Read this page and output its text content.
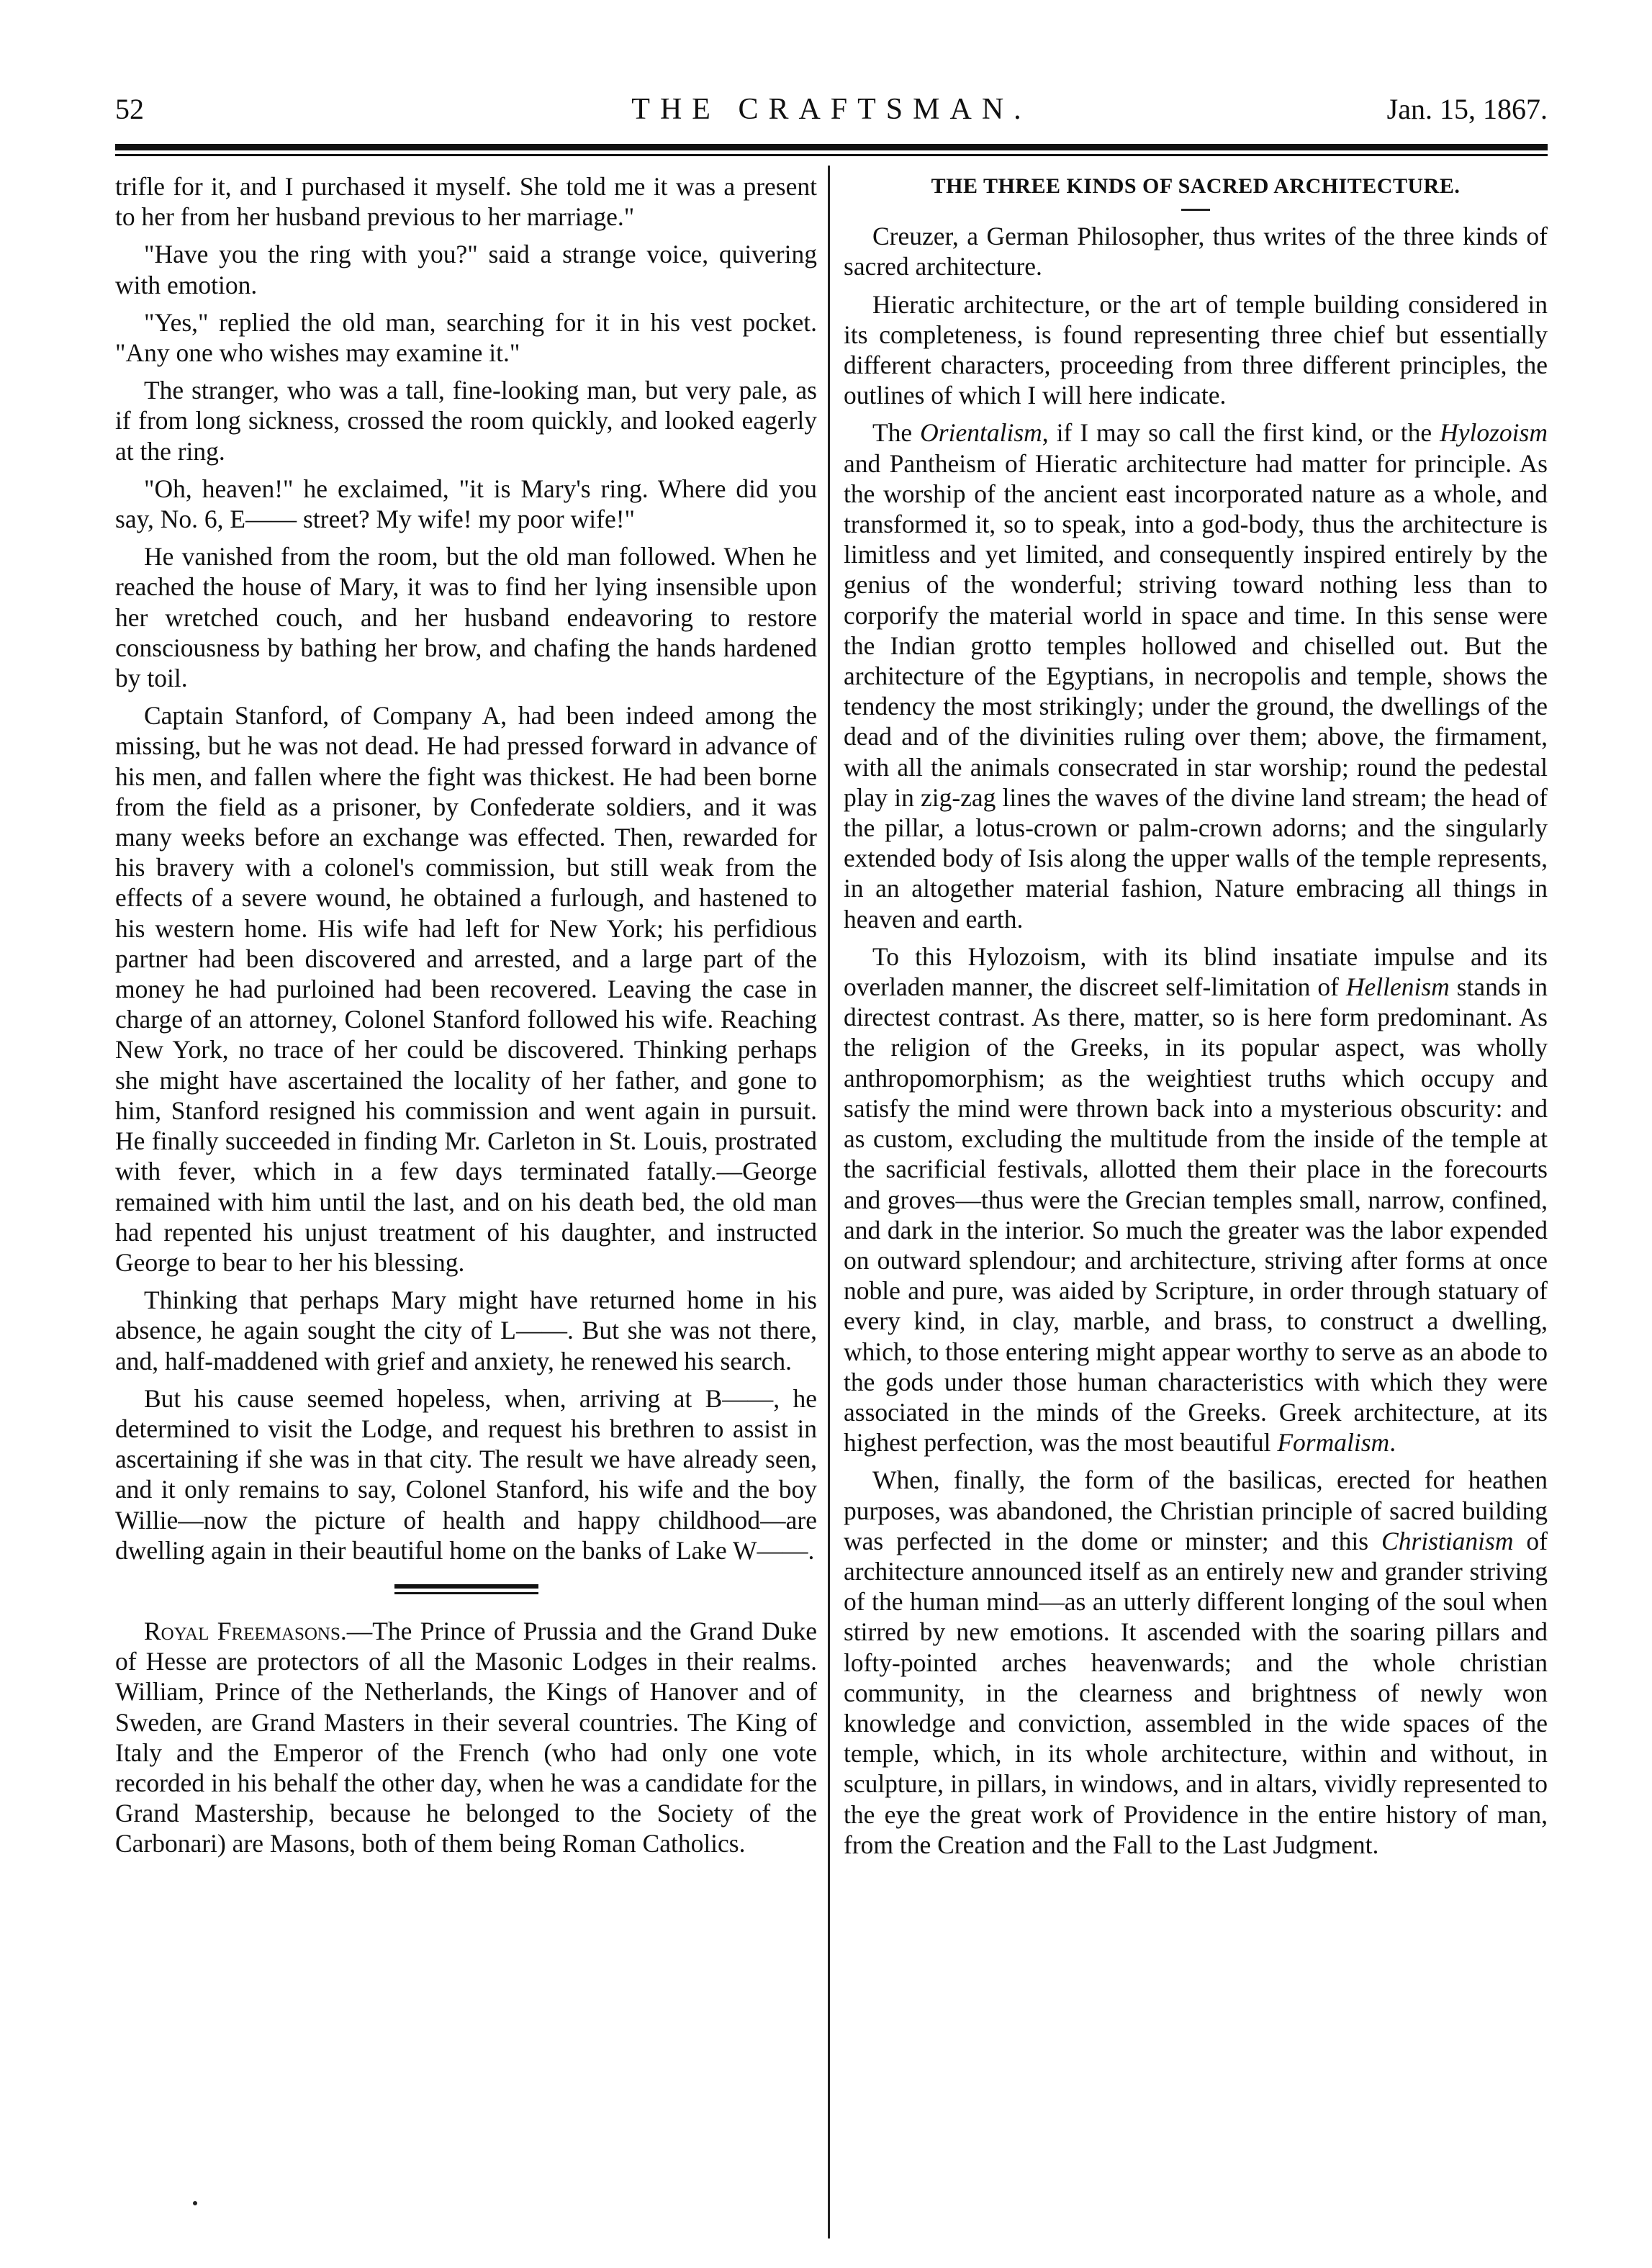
52	THE CRAFTSMAN.	Jan. 15, 1867.

trifle for it, and I purchased it myself. She told me it was a present to her from her husband previous to her marriage."

"Have you the ring with you?" said a strange voice, quivering with emotion.

"Yes," replied the old man, searching for it in his vest pocket. "Any one who wishes may examine it."

The stranger, who was a tall, fine-looking man, but very pale, as if from long sickness, crossed the room quickly, and looked eagerly at the ring.

"Oh, heaven!" he exclaimed, "it is Mary's ring. Where did you say, No. 6, E—— street? My wife! my poor wife!"

He vanished from the room, but the old man followed. When he reached the house of Mary, it was to find her lying insensible upon her wretched couch, and her husband endeavoring to restore consciousness by bathing her brow, and chafing the hands hardened by toil.

Captain Stanford, of Company A, had been indeed among the missing, but he was not dead. He had pressed forward in advance of his men, and fallen where the fight was thickest. He had been borne from the field as a prisoner, by Confederate soldiers, and it was many weeks before an exchange was effected. Then, rewarded for his bravery with a colonel's commission, but still weak from the effects of a severe wound, he obtained a furlough, and hastened to his western home. His wife had left for New York; his perfidious partner had been discovered and arrested, and a large part of the money he had purloined had been recovered. Leaving the case in charge of an attorney, Colonel Stanford followed his wife. Reaching New York, no trace of her could be discovered. Thinking perhaps she might have ascertained the locality of her father, and gone to him, Stanford resigned his commission and went again in pursuit. He finally succeeded in finding Mr. Carleton in St. Louis, prostrated with fever, which in a few days terminated fatally.—George remained with him until the last, and on his death bed, the old man had repented his unjust treatment of his daughter, and instructed George to bear to her his blessing.

Thinking that perhaps Mary might have returned home in his absence, he again sought the city of L——. But she was not there, and, half-maddened with grief and anxiety, he renewed his search.

But his cause seemed hopeless, when, arriving at B——, he determined to visit the Lodge, and request his brethren to assist in ascertaining if she was in that city. The result we have already seen, and it only remains to say, Colonel Stanford, his wife and the boy Willie—now the picture of health and happy childhood—are dwelling again in their beautiful home on the banks of Lake W——.

Royal Freemasons.—The Prince of Prussia and the Grand Duke of Hesse are protectors of all the Masonic Lodges in their realms. William, Prince of the Netherlands, the Kings of Hanover and of Sweden, are Grand Masters in their several countries. The King of Italy and the Emperor of the French (who had only one vote recorded in his behalf the other day, when he was a candidate for the Grand Mastership, because he belonged to the Society of the Carbonari) are Masons, both of them being Roman Catholics.

THE THREE KINDS OF SACRED ARCHITECTURE.

Creuzer, a German Philosopher, thus writes of the three kinds of sacred architecture.

Hieratic architecture, or the art of temple building considered in its completeness, is found representing three chief but essentially different characters, proceeding from three different principles, the outlines of which I will here indicate.

The Orientalism, if I may so call the first kind, or the Hylozoism and Pantheism of Hieratic architecture had matter for principle. As the worship of the ancient east incorporated nature as a whole, and transformed it, so to speak, into a god-body, thus the architecture is limitless and yet limited, and consequently inspired entirely by the genius of the wonderful; striving toward nothing less than to corporify the material world in space and time. In this sense were the Indian grotto temples hollowed and chiselled out. But the architecture of the Egyptians, in necropolis and temple, shows the tendency the most strikingly; under the ground, the dwellings of the dead and of the divinities ruling over them; above, the firmament, with all the animals consecrated in star worship; round the pedestal play in zig-zag lines the waves of the divine land stream; the head of the pillar, a lotus-crown or palm-crown adorns; and the singularly extended body of Isis along the upper walls of the temple represents, in an altogether material fashion, Nature embracing all things in heaven and earth.

To this Hylozoism, with its blind insatiate impulse and its overladen manner, the discreet self-limitation of Hellenism stands in directest contrast. As there, matter, so is here form predominant. As the religion of the Greeks, in its popular aspect, was wholly anthropomorphism; as the weightiest truths which occupy and satisfy the mind were thrown back into a mysterious obscurity: and as custom, excluding the multitude from the inside of the temple at the sacrificial festivals, allotted them their place in the forecourts and groves—thus were the Grecian temples small, narrow, confined, and dark in the interior. So much the greater was the labor expended on outward splendour; and architecture, striving after forms at once noble and pure, was aided by Scripture, in order through statuary of every kind, in clay, marble, and brass, to construct a dwelling, which, to those entering might appear worthy to serve as an abode to the gods under those human characteristics with which they were associated in the minds of the Greeks. Greek architecture, at its highest perfection, was the most beautiful Formalism.

When, finally, the form of the basilicas, erected for heathen purposes, was abandoned, the Christian principle of sacred building was perfected in the dome or minster; and this Christianism of architecture announced itself as an entirely new and grander striving of the human mind—as an utterly different longing of the soul when stirred by new emotions. It ascended with the soaring pillars and lofty-pointed arches heavenwards; and the whole christian community, in the clearness and brightness of newly won knowledge and conviction, assembled in the wide spaces of the temple, which, in its whole architecture, within and without, in sculpture, in pillars, in windows, and in altars, vividly represented to the eye the great work of Providence in the entire history of man, from the Creation and the Fall to the Last Judgment.
